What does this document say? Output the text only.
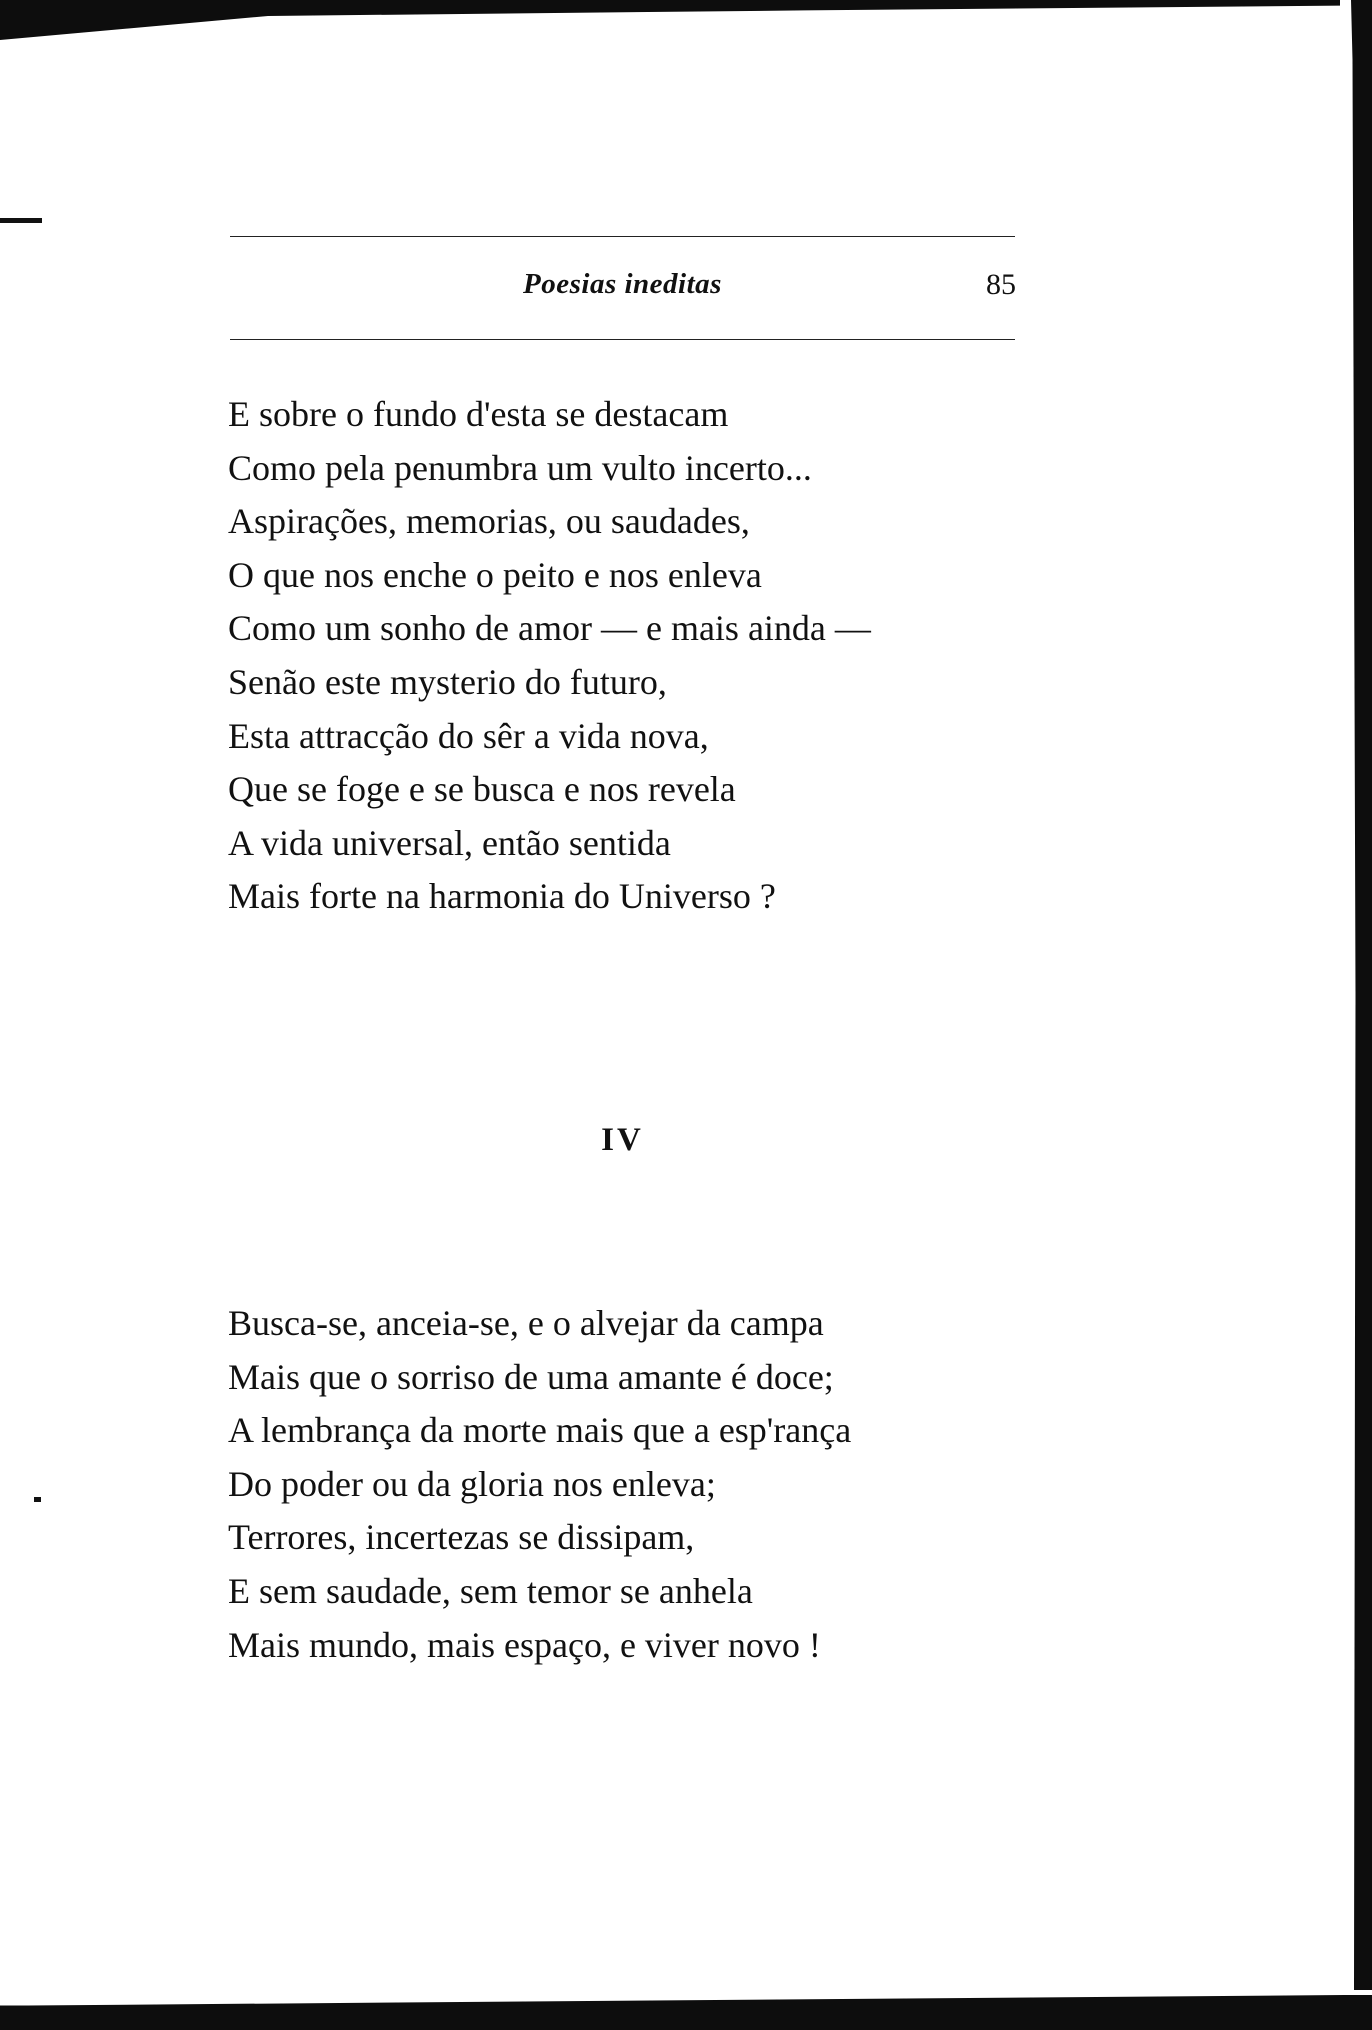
Poesias ineditas	85
E sobre o fundo d'esta se destacam
Como pela penumbra um vulto incerto...
Aspirações, memorias, ou saudades,
O que nos enche o peito e nos enleva
Como um sonho de amor — e mais ainda —
Senão este mysterio do futuro,
Esta attracção do sêr a vida nova,
Que se foge e se busca e nos revela
A vida universal, então sentida
Mais forte na harmonia do Universo ?
IV
Busca-se, anceia-se, e o alvejar da campa
Mais que o sorriso de uma amante é doce;
A lembrança da morte mais que a esp'rança
Do poder ou da gloria nos enleva;
Terrores, incertezas se dissipam,
E sem saudade, sem temor se anhela
Mais mundo, mais espaço, e viver novo !
